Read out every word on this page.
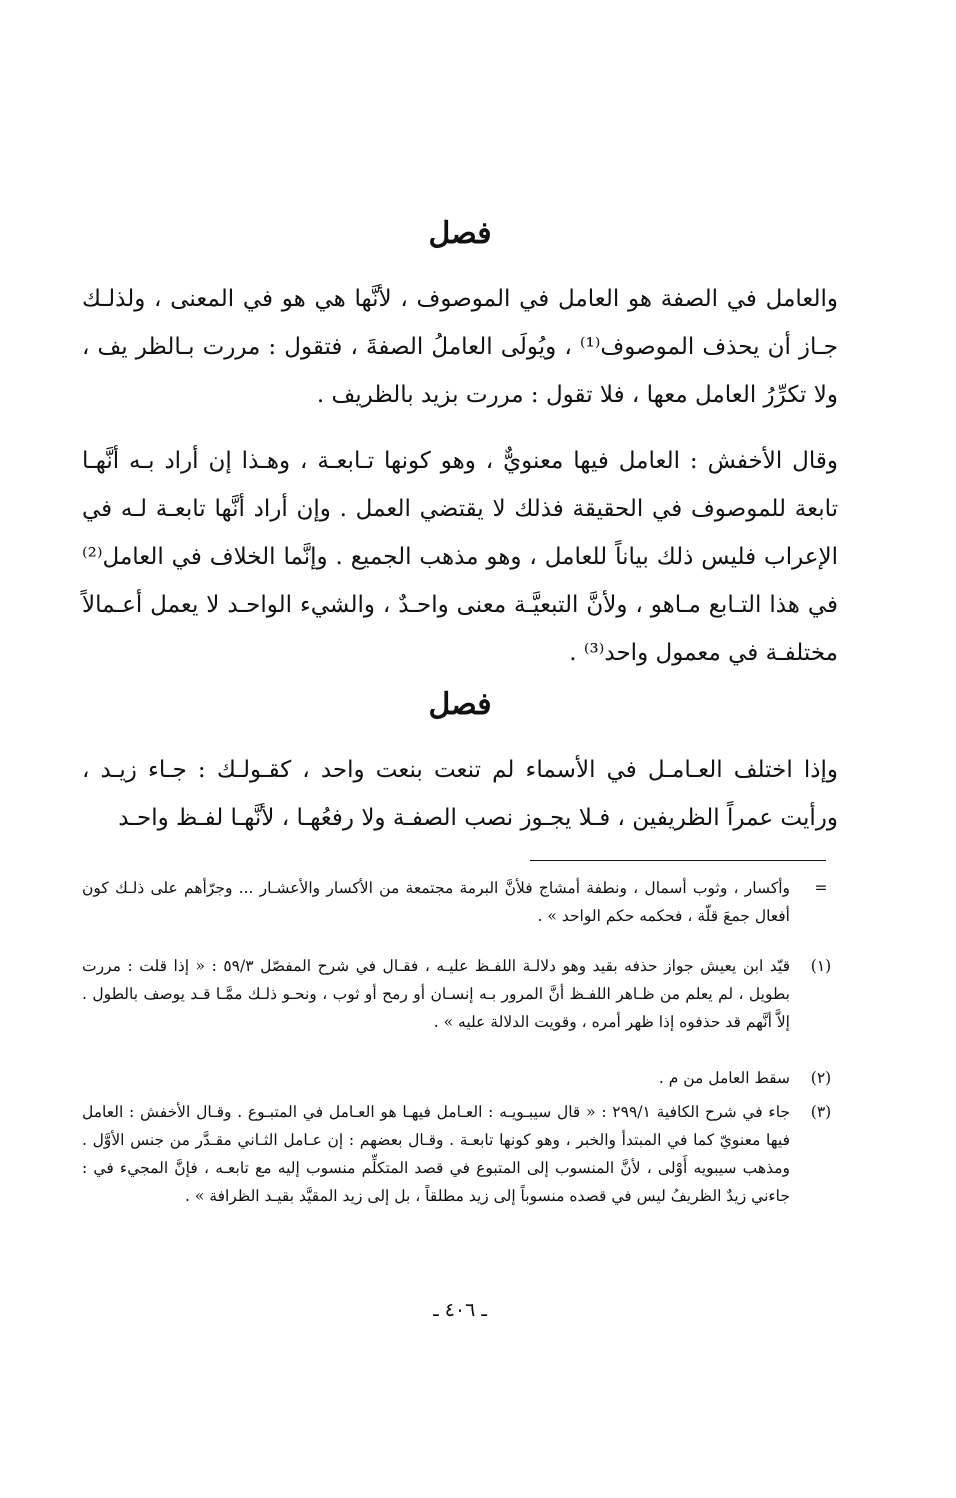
فصل

والعامل في الصفة هو العامل في الموصوف ، لأنَّها هي هو في المعنى ، ولذلـك جـاز أن يحذف الموصوف⁽¹⁾ ، ويُولَى العاملُ الصفةَ ، فتقول : مررت بـالظر يف ، ولا تكرِّرُ العامل معها ، فلا تقول : مررت بزيد بالظريف .

وقال الأخفش : العامل فيها معنويٌّ ، وهو كونها تـابعـة ، وهـذا إن أراد بـه أنَّهـا تابعة للموصوف في الحقيقة فذلك لا يقتضي العمل . وإن أراد أنَّها تابعـة لـه في الإعراب فليس ذلك بياناً للعامل ، وهو مذهب الجميع . وإنَّما الخلاف في العامل⁽²⁾ في هذا التـابع مـاهو ، ولأنَّ التبعيَّـة معنى واحـدٌ ، والشيء الواحـد لا يعمل أعـمالاً مختلفـة في معمول واحد⁽³⁾ .

فصل

وإذا اختلف العـامـل في الأسماء لم تنعت بنعت واحد ، كقـولـك : جـاء زيـد ، ورأيت عمراً الظريفين ، فـلا يجـوز نصب الصفـة ولا رفعُهـا ، لأنَّهـا لفـظ واحـد

=
وأكسار ، وثوب أسمال ، ونطفة أمشاج فلأنَّ البرمة مجتمعة من الأكسار والأعشـار ... وجرّأهم على ذلـك كون أفعال جمعَ قلّة ، فحكمه حكم الواحد » .
(١)
قيّد ابن يعيش جواز حذفه بقيد وهو دلالـة اللفـظ عليـه ، فقـال في شرح المفصّل ٥٩/٣ : « إذا قلت : مررت بطويل ، لم يعلم من ظـاهر اللفـظ أنَّ المرور بـه إنسـان أو رمح أو ثوب ، ونحـو ذلـك ممَّـا قـد يوصف بالطول . إلاَّ أنَّهم قد حذفوه إذا ظهر أمره ، وقويت الدلالة عليه » .
(٢)
سقط العامل من م .
(٣)
جاء في شرح الكافية ٢٩٩/١ : « قال سيبـويـه : العـامل فيهـا هو العـامل في المتبـوع . وقـال الأخفش : العامل فيها معنويّ كما في المبتدأ والخبر ، وهو كونها تابعـة . وقـال بعضهم : إن عـامل الثـاني مقـدَّر من جنس الأوَّل . ومذهب سيبويه أَوْلى ، لأنَّ المنسوب إلى المتبوع في قصد المتكلِّم منسوب إليه مع تابعـه ، فإنَّ المجيء في : جاءني زيدٌ الظريفُ ليس في قصده منسوباً إلى زيد مطلقاً ، بل إلى زيد المقيَّد بقيـد الظرافة » .
ـ ٤٠٦ ـ
